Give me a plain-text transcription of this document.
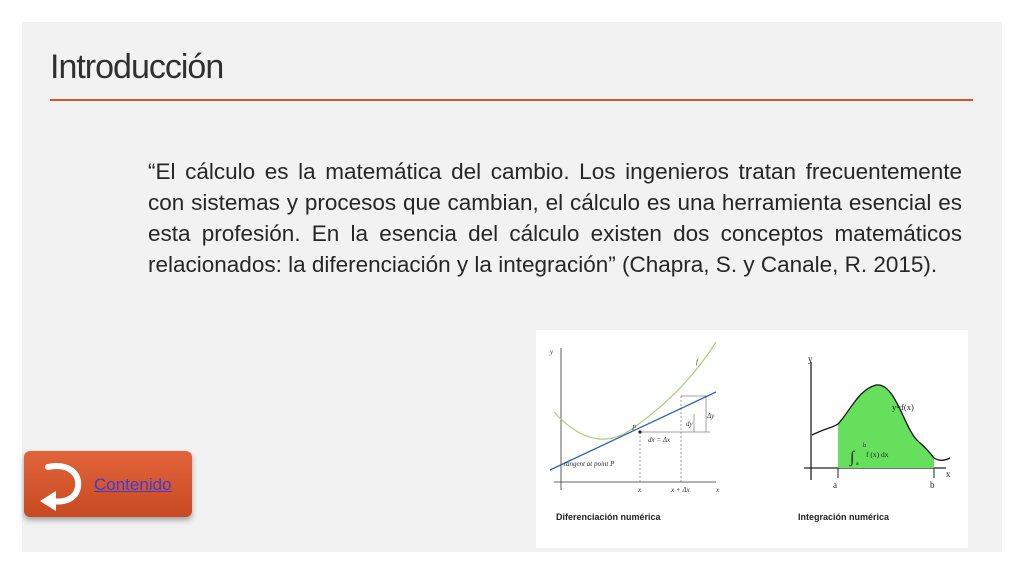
Introducción
“El cálculo es la matemática del cambio. Los ingenieros tratan frecuentemente con sistemas y procesos que cambian, el cálculo es una herramienta esencial es esta profesión. En la esencia del cálculo existen dos conceptos matemáticos relacionados: la diferenciación y la integración” (Chapra, S. y Canale, R. 2015).
y
f
P
dx = Δx
dy
Δy
tangent at point P
x	x + Δx	x
y
y=f(x)
∫
b
a
f (x) dx
a	b
x
Diferenciación numérica	Integración numérica
Contenido
